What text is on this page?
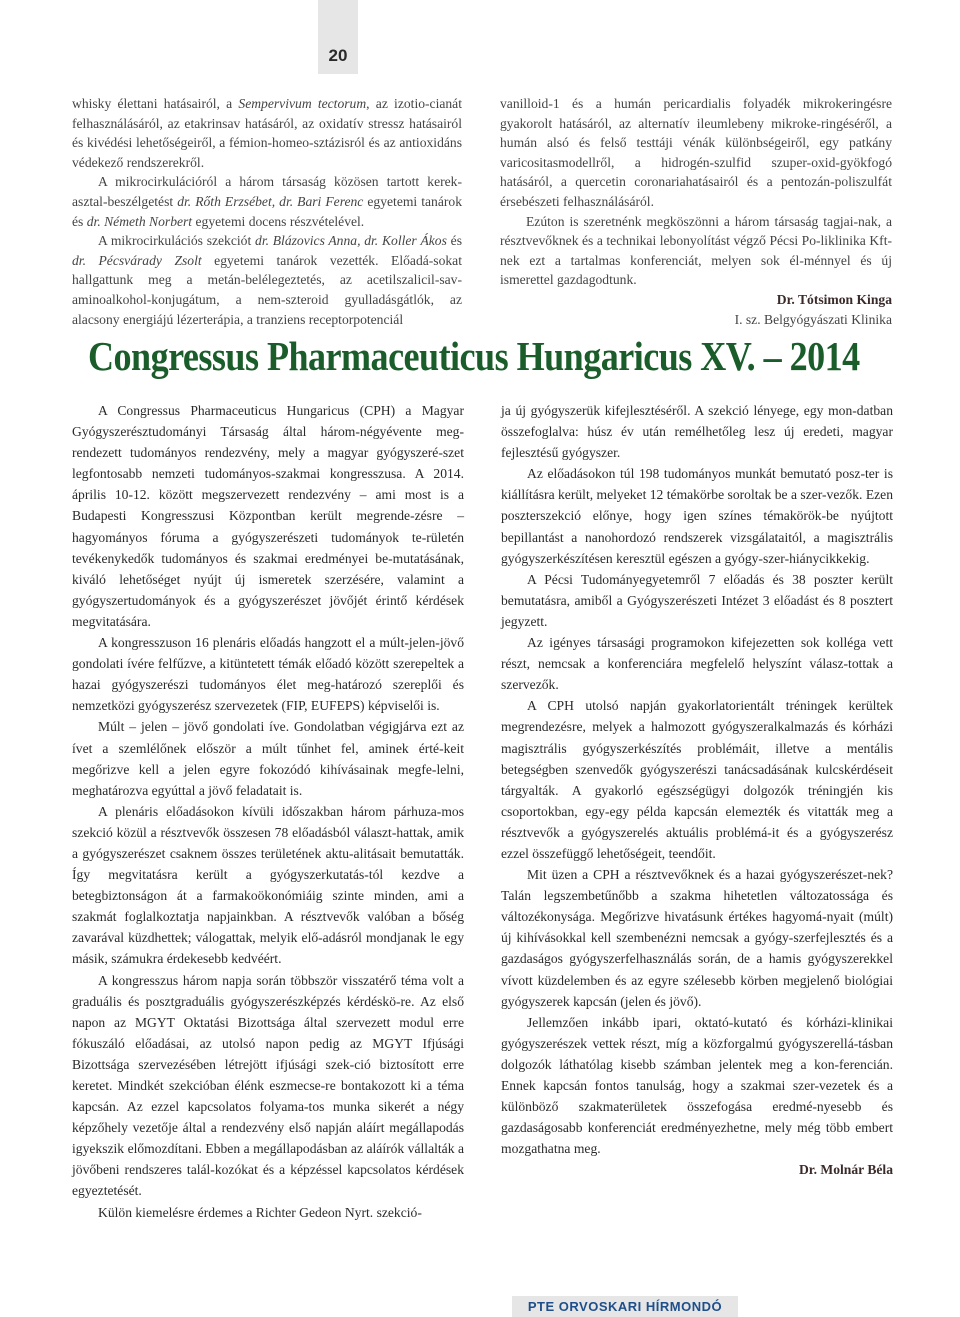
20

whisky élettani hatásairól, a Sempervivum tectorum, az izotio-cianát felhasználásáról, az etakrinsav hatásáról, az oxidatív stressz hatásairól és kivédési lehetőségeiről, a fémion-homeo-sztázisról és az antioxidáns védekező rendszerekről.

A mikrocirkulációról a három társaság közösen tartott kerek-asztal-beszélgetést dr. Rőth Erzsébet, dr. Bari Ferenc egyetemi tanárok és dr. Németh Norbert egyetemi docens részvételével.

A mikrocirkulációs szekciót dr. Blázovics Anna, dr. Koller Ákos és dr. Pécsvárady Zsolt egyetemi tanárok vezették. Előadá-sokat hallgattunk meg a metán-belélegeztetés, az acetilszalicil-sav-aminoalkohol-konjugátum, a nem-szteroid gyulladásgátlók, az alacsony energiájú lézerterápia, a tranziens receptorpotenciál

vanilloid-1 és a humán pericardialis folyadék mikrokeringésre gyakorolt hatásáról, az alternatív ileumlebeny mikroke-ringéséről, a humán alsó és felső testtáji vénák különbségeiről, egy patkány varicositasmodellről, a hidrogén-szulfid szuper-oxid-gyökfogó hatásáról, a quercetin coronariahatásairól és a pentozán-poliszulfát érsebészeti felhasználásáról.

Ezúton is szeretnénk megköszönni a három társaság tagjai-nak, a résztvevőknek és a technikai lebonyolítást végző Pécsi Po-liklinika Kft-nek ezt a tartalmas konferenciát, melyen sok él-ménnyel és új ismerettel gazdagodtunk.

Dr. Tótsimon Kinga

I. sz. Belgyógyászati Klinika

Congressus Pharmaceuticus Hungaricus XV. – 2014

A Congressus Pharmaceuticus Hungaricus (CPH) a Magyar Gyógyszerésztudományi Társaság által három-négyévente meg-rendezett tudományos rendezvény, mely a magyar gyógyszeré-szet legfontosabb nemzeti tudományos-szakmai kongresszusa. A 2014. április 10-12. között megszervezett rendezvény – ami most is a Budapesti Kongresszusi Központban került megrende-zésre – hagyományos fóruma a gyógyszerészeti tudományok te-rületén tevékenykedők tudományos és szakmai eredményei be-mutatásának, kiváló lehetőséget nyújt új ismeretek szerzésére, valamint a gyógyszertudományok és a gyógyszerészet jövőjét érintő kérdések megvitatására.

A kongresszuson 16 plenáris előadás hangzott el a múlt-jelen-jövő gondolati ívére felfűzve, a kitüntetett témák előadó között szerepeltek a hazai gyógyszerészi tudományos élet meg-határozó szereplői és nemzetközi gyógyszerész szervezetek (FIP, EUFEPS) képviselői is.

Múlt – jelen – jövő gondolati íve. Gondolatban végigjárva ezt az ívet a szemlélőnek először a múlt tűnhet fel, aminek érté-keit megőrizve kell a jelen egyre fokozódó kihívásainak megfe-lelni, meghatározva egyúttal a jövő feladatait is.

A plenáris előadásokon kívüli időszakban három párhuza-mos szekció közül a résztvevők összesen 78 előadásból választ-hattak, amik a gyógyszerészet csaknem összes területének aktu-alitásait bemutatták. Így megvitatásra került a gyógyszerkutatás-tól kezdve a betegbiztonságon át a farmakoökonómiáig szinte minden, ami a szakmát foglalkoztatja napjainkban. A résztvevők valóban a bőség zavarával küzdhettek; válogattak, melyik elő-adásról mondjanak le egy másik, számukra érdekesebb kedvéért.

A kongresszus három napja során többször visszatérő téma volt a graduális és posztgraduális gyógyszerészképzés kérdéskö-re. Az első napon az MGYT Oktatási Bizottsága által szervezett modul erre fókuszáló előadásai, az utolsó napon pedig az MGYT Ifjúsági Bizottsága szervezésében létrejött ifjúsági szek-ció biztosított erre keretet. Mindkét szekcióban élénk eszmecse-re bontakozott ki a téma kapcsán. Az ezzel kapcsolatos folyama-tos munka sikerét a négy képzőhely vezetője által a rendezvény első napján aláírt megállapodás igyekszik előmozdítani. Ebben a megállapodásban az aláírók vállalták a jövőbeni rendszeres talál-kozókat és a képzéssel kapcsolatos kérdések egyeztetését.

Külön kiemelésre érdemes a Richter Gedeon Nyrt. szekció-

ja új gyógyszerük kifejlesztéséről. A szekció lényege, egy mon-datban összefoglalva: húsz év után remélhetőleg lesz új eredeti, magyar fejlesztésű gyógyszer.

Az előadásokon túl 198 tudományos munkát bemutató posz-ter is kiállításra került, melyeket 12 témakörbe soroltak be a szer-vezők. Ezen poszterszekció előnye, hogy igen színes témakörök-be nyújtott bepillantást a nanohordozó rendszerek vizsgálataitól, a magisztrális gyógyszerkészítésen keresztül egészen a gyógy-szer-hiánycikkekig.

A Pécsi Tudományegyetemről 7 előadás és 38 poszter került bemutatásra, amiből a Gyógyszerészeti Intézet 3 előadást és 8 posztert jegyzett.

Az igényes társasági programokon kifejezetten sok kolléga vett részt, nemcsak a konferenciára megfelelő helyszínt válasz-tottak a szervezők.

A CPH utolsó napján gyakorlatorientált tréningek kerültek megrendezésre, melyek a halmozott gyógyszeralkalmazás és kórházi magisztrális gyógyszerkészítés problémáit, illetve a mentális betegségben szenvedők gyógyszerészi tanácsadásának kulcskérdéseit tárgyalták. A gyakorló egészségügyi dolgozók tréningjén kis csoportokban, egy-egy példa kapcsán elemezték és vitatták meg a résztvevők a gyógyszerelés aktuális problémá-it és a gyógyszerész ezzel összefüggő lehetőségeit, teendőit.

Mit üzen a CPH a résztvevőknek és a hazai gyógyszerészet-nek? Talán legszembetűnőbb a szakma hihetetlen változatossága és változékonysága. Megőrizve hivatásunk értékes hagyomá-nyait (múlt) új kihívásokkal kell szembenézni nemcsak a gyógy-szerfejlesztés és a gazdaságos gyógyszerfelhasználás során, de a hamis gyógyszerekkel vívott küzdelemben és az egyre szélesebb körben megjelenő biológiai gyógyszerek kapcsán (jelen és jövő).

Jellemzően inkább ipari, oktató-kutató és kórházi-klinikai gyógyszerészek vettek részt, míg a közforgalmú gyógyszerellá-tásban dolgozók láthatólag kisebb számban jelentek meg a kon-ferencián. Ennek kapcsán fontos tanulság, hogy a szakmai szer-vezetek és a különböző szakmaterületek összefogása eredmé-nyesebb és gazdaságosabb konferenciát eredményezhetne, mely még több embert mozgathatna meg.

Dr. Molnár Béla

PTE ORVOSKARI HÍRMONDÓ
